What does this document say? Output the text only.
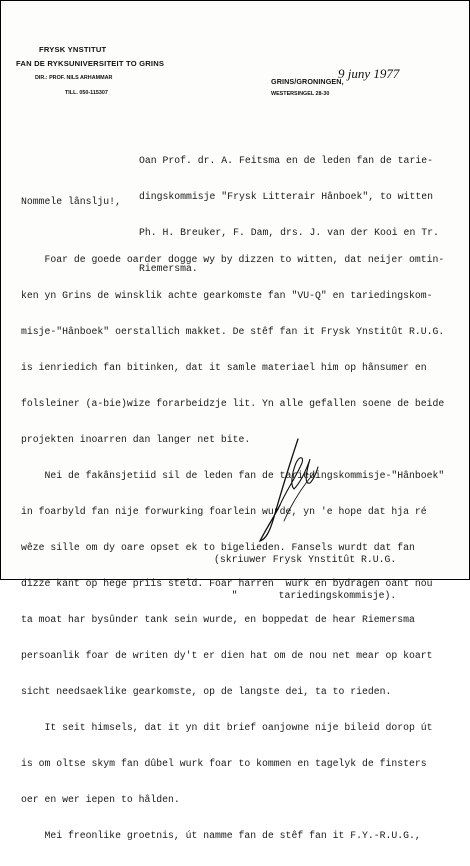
FRYSK YNSTITUT
FAN DE RYKSUNIVERSITEIT TO GRINS
DIR.: PROF. NILS ARHAMMAR
TILL. 050-115307
GRINS/GRONINGEN,
WESTERSINGEL 28-30
9 juny 1977

Oan Prof. dr. A. Feitsma en de leden fan de tarie-

dingskommisje "Frysk Litterair Hânboek", to witten

Ph. H. Breuker, F. Dam, drs. J. van der Kooi en Tr.

Riemersma.

Nommele lânslju!,

Foar de goede oarder dogge wy by dizzen to witten, dat neijer omtin-

ken yn Grins de winsklik achte gearkomste fan "VU-Q" en tariedingskom-

misje-"Hânboek" oerstallich makket. De stêf fan it Frysk Ynstitût R.U.G.

is ienriedich fan bitinken, dat it samle materiael him op hânsumer en

folsleiner (a-bie)wize forarbeidzje lit. Yn alle gefallen soene de beide

projekten inoarren dan langer net bite.

Nei de fakânsjetiid sil de leden fan de tariedingskommisje-"Hânboek"

in foarbyld fan nije forwurking foarlein wurde, yn 'e hope dat hja ré

wêze sille om dy oare opset ek to bigelieden. Fansels wurdt dat fan

dizze kant op hege priis steld. Foar harren  wurk en bydragen oant nou

ta moat har bysûnder tank sein wurde, en boppedat de hear Riemersma

persoanlik foar de writen dy't er dien hat om de nou net mear op koart

sicht needsaeklike gearkomste, op de langste dei, ta to rieden.

It seit himsels, dat it yn dit brief oanjowne nije bileid dorop út

is om oltse skym fan dûbel wurk foar to kommen en tagelyk de finsters

oer en wer iepen to hâlden.

Mei freonlike groetnis, út namme fan de stêf fan it F.Y.-R.U.G.,

(skriuwer Frysk Ynstitût R.U.G.

"       tariedingskommisje).
